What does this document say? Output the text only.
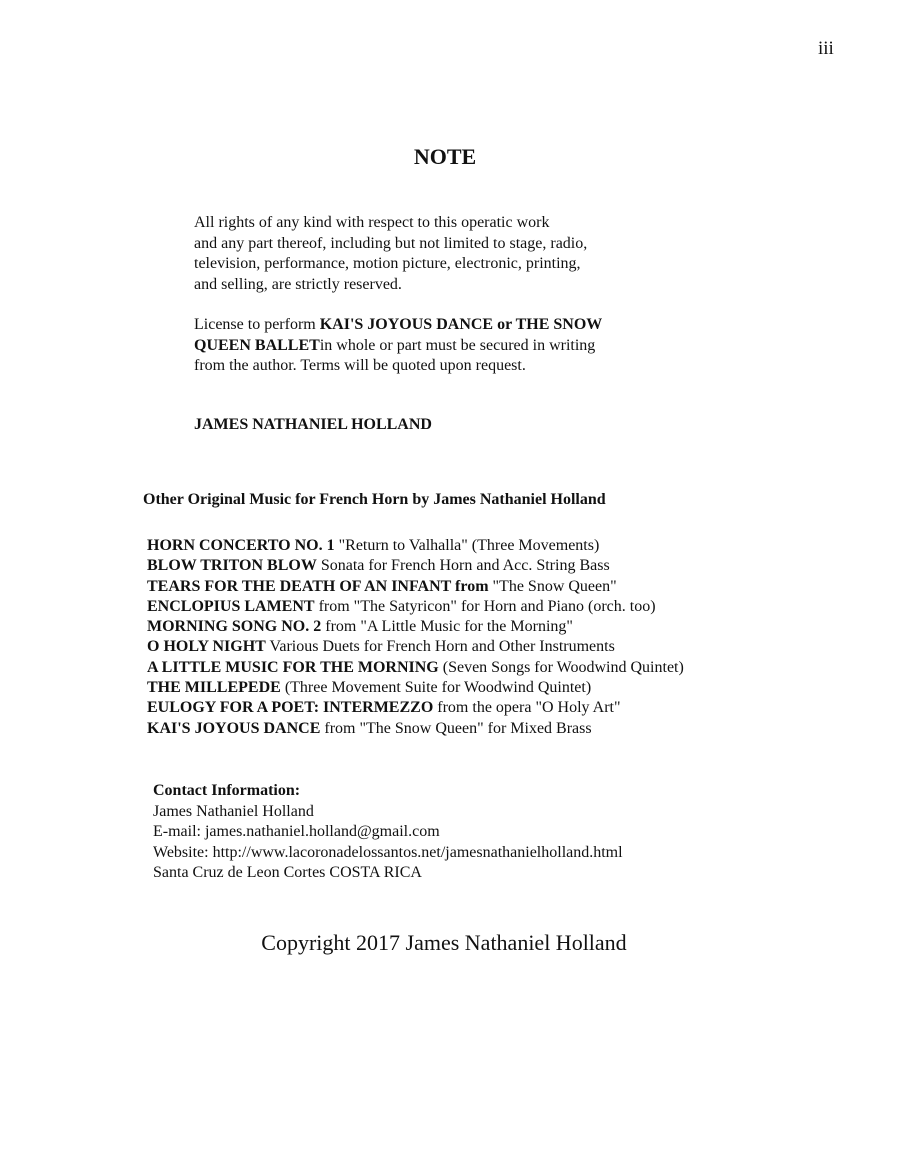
iii
NOTE

All rights of any kind with respect to this operatic work

and any part thereof, including but not limited to stage, radio,

television, performance, motion picture, electronic, printing,

and selling, are strictly reserved.

License to perform KAI'S JOYOUS DANCE or THE SNOW

QUEEN BALLETin whole or part must be secured in writing

from the author. Terms will be quoted upon request.

JAMES NATHANIEL HOLLAND
Other Original Music for French Horn by James Nathaniel Holland
HORN CONCERTO NO. 1 "Return to Valhalla" (Three Movements)
BLOW TRITON BLOW Sonata for French Horn and Acc. String Bass
TEARS FOR THE DEATH OF AN INFANT from "The Snow Queen"
ENCLOPIUS LAMENT from "The Satyricon" for Horn and Piano (orch. too)
MORNING SONG NO. 2 from "A Little Music for the Morning"
O HOLY NIGHT Various Duets for French Horn and Other Instruments
A LITTLE MUSIC FOR THE MORNING (Seven Songs for Woodwind Quintet)
THE MILLEPEDE (Three Movement Suite for Woodwind Quintet)
EULOGY FOR A POET: INTERMEZZO from the opera "O Holy Art"
KAI'S JOYOUS DANCE from "The Snow Queen" for Mixed Brass
Contact Information:
James Nathaniel Holland
E-mail: james.nathaniel.holland@gmail.com
Website: http://www.lacoronadelossantos.net/jamesnathanielholland.html
Santa Cruz de Leon Cortes COSTA RICA
Copyright 2017 James Nathaniel Holland
